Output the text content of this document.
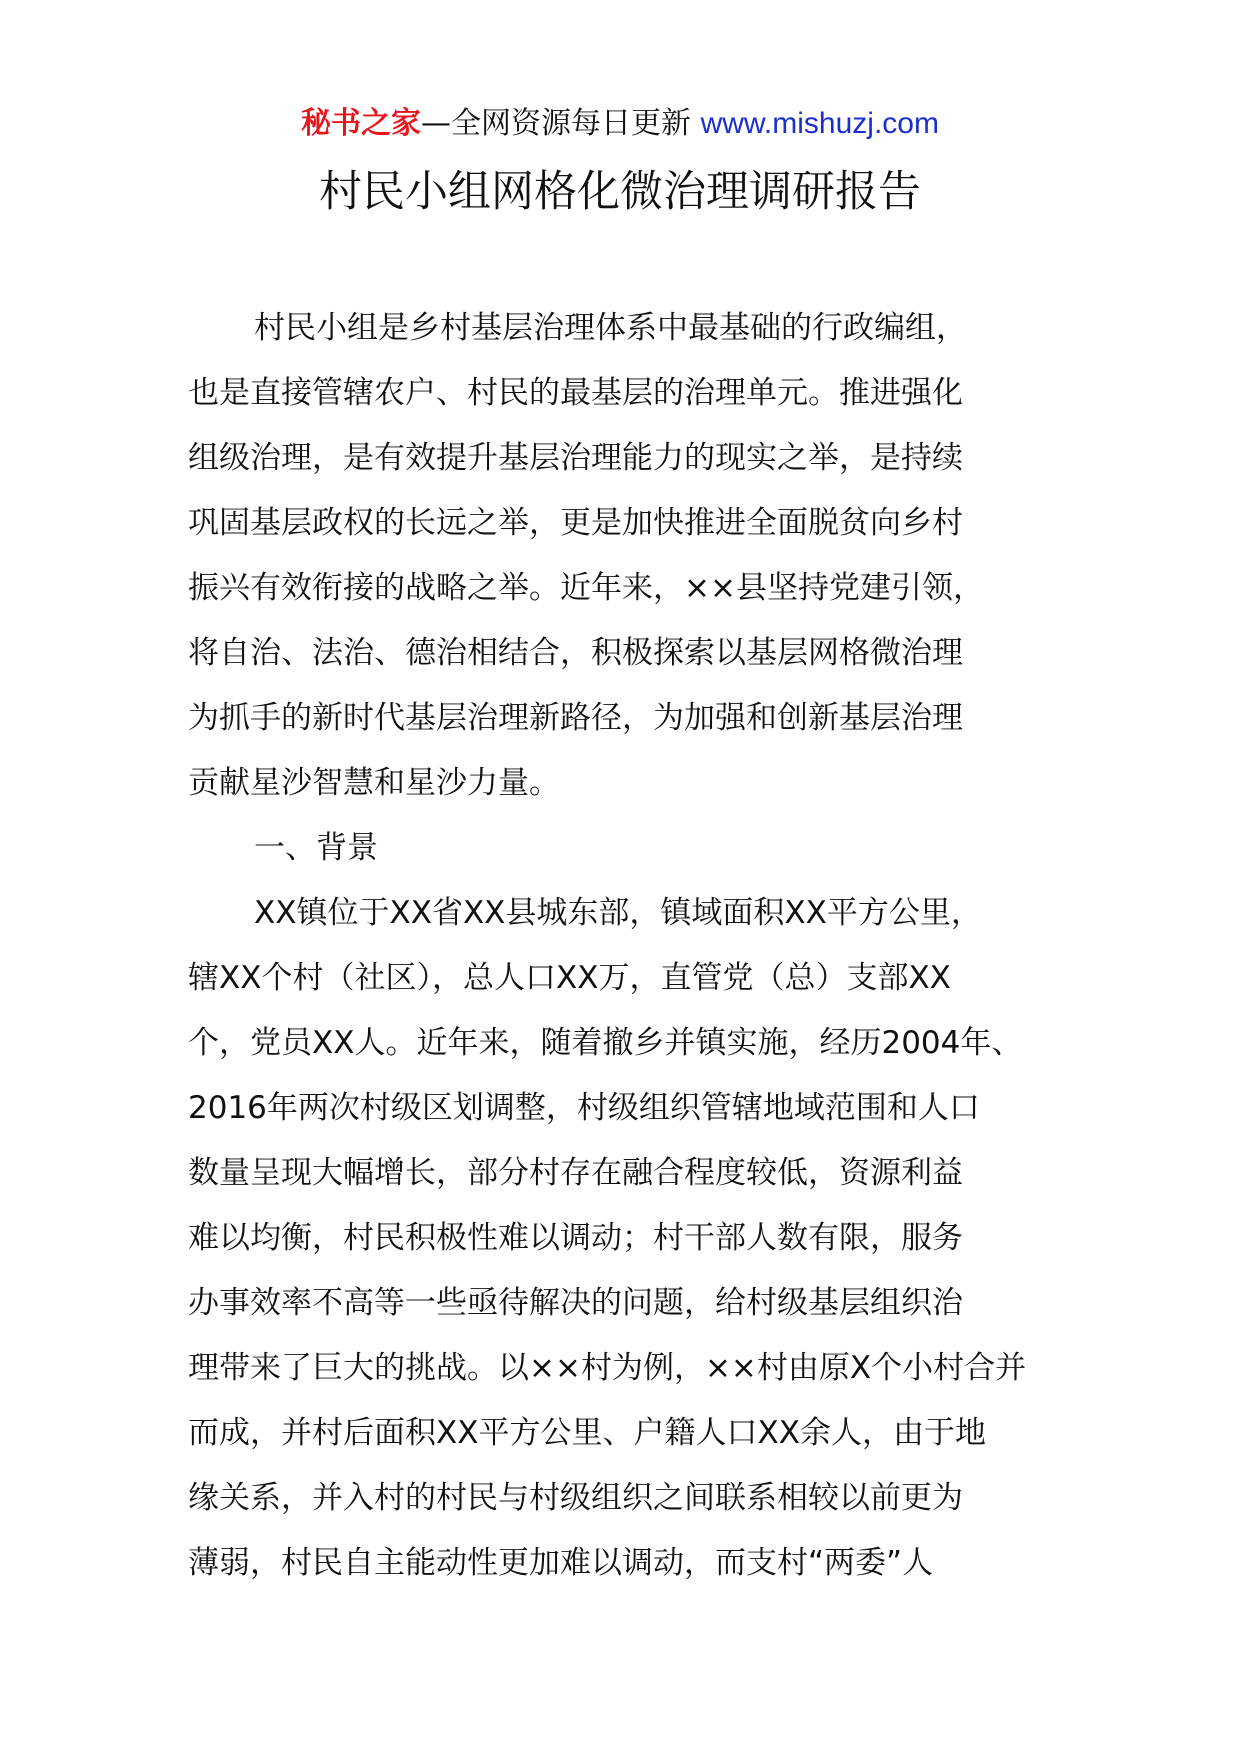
秘书之家—全网资源每日更新 www.mishuzj.com
村民小组网格化微治理调研报告
村民小组是乡村基层治理体系中最基础的行政编组，
也是直接管辖农户、村民的最基层的治理单元。推进强化
组级治理，是有效提升基层治理能力的现实之举，是持续
巩固基层政权的长远之举，更是加快推进全面脱贫向乡村
振兴有效衔接的战略之举。近年来，××县坚持党建引领，
将自治、法治、德治相结合，积极探索以基层网格微治理
为抓手的新时代基层治理新路径，为加强和创新基层治理
贡献星沙智慧和星沙力量。
一、背景
XX镇位于XX省XX县城东部，镇域面积XX平方公里，
辖XX个村（社区），总人口XX万，直管党（总）支部XX
个，党员XX人。近年来，随着撤乡并镇实施，经历2004年、
2016年两次村级区划调整，村级组织管辖地域范围和人口
数量呈现大幅增长，部分村存在融合程度较低，资源利益
难以均衡，村民积极性难以调动；村干部人数有限，服务
办事效率不高等一些亟待解决的问题，给村级基层组织治
理带来了巨大的挑战。以××村为例，××村由原X个小村合并
而成，并村后面积XX平方公里、户籍人口XX余人，由于地
缘关系，并入村的村民与村级组织之间联系相较以前更为
薄弱，村民自主能动性更加难以调动，而支村“两委”人
